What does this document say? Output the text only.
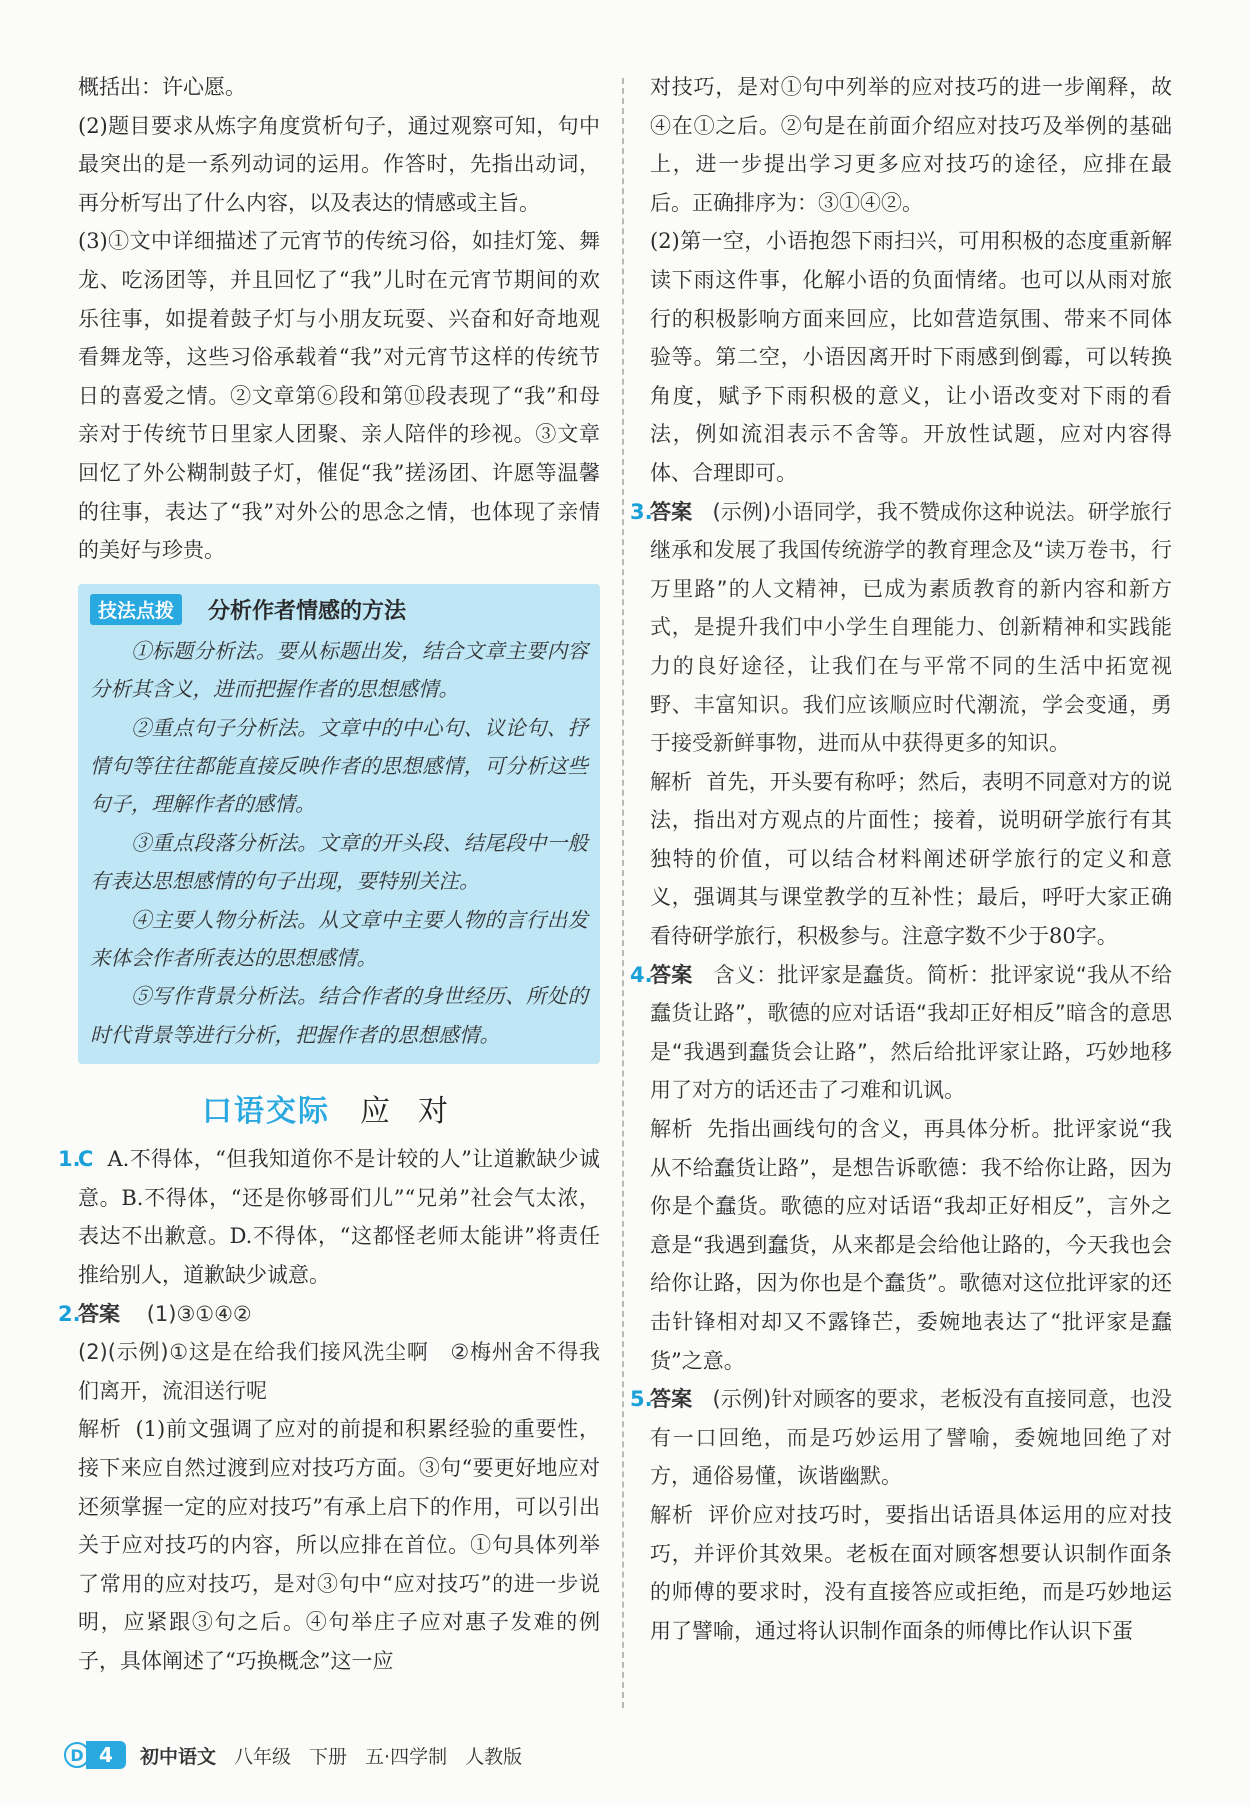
概括出：许心愿。

(2)题目要求从炼字角度赏析句子，通过观察可知，句中最突出的是一系列动词的运用。作答时，先指出动词，再分析写出了什么内容，以及表达的情感或主旨。

(3)①文中详细描述了元宵节的传统习俗，如挂灯笼、舞龙、吃汤团等，并且回忆了“我”儿时在元宵节期间的欢乐往事，如提着鼓子灯与小朋友玩耍、兴奋和好奇地观看舞龙等，这些习俗承载着“我”对元宵节这样的传统节日的喜爱之情。②文章第⑥段和第⑪段表现了“我”和母亲对于传统节日里家人团聚、亲人陪伴的珍视。③文章回忆了外公糊制鼓子灯，催促“我”搓汤团、许愿等温馨的往事，表达了“我”对外公的思念之情，也体现了亲情的美好与珍贵。

技法点拨	分析作者情感的方法

①标题分析法。要从标题出发，结合文章主要内容分析其含义，进而把握作者的思想感情。

②重点句子分析法。文章中的中心句、议论句、抒情句等往往都能直接反映作者的思想感情，可分析这些句子，理解作者的感情。

③重点段落分析法。文章的开头段、结尾段中一般有表达思想感情的句子出现，要特别关注。

④主要人物分析法。从文章中主要人物的言行出发来体会作者所表达的思想感情。

⑤写作背景分析法。结合作者的身世经历、所处的时代背景等进行分析，把握作者的思想感情。

口语交际 应对

1.
C A.不得体，“但我知道你不是计较的人”让道歉缺少诚意。B.不得体，“还是你够哥们儿”“兄弟”社会气太浓，表达不出歉意。D.不得体，“这都怪老师太能讲”将责任推给别人，道歉缺少诚意。

2.
答案 (1)③①④②

(2)(示例)①这是在给我们接风洗尘啊　②梅州舍不得我们离开，流泪送行呢

解析 (1)前文强调了应对的前提和积累经验的重要性，接下来应自然过渡到应对技巧方面。③句“要更好地应对还须掌握一定的应对技巧”有承上启下的作用，可以引出关于应对技巧的内容，所以应排在首位。①句具体列举了常用的应对技巧，是对③句中“应对技巧”的进一步说明，应紧跟③句之后。④句举庄子应对惠子发难的例子，具体阐述了“巧换概念”这一应

对技巧，是对①句中列举的应对技巧的进一步阐释，故④在①之后。②句是在前面介绍应对技巧及举例的基础上，进一步提出学习更多应对技巧的途径，应排在最后。正确排序为：③①④②。

(2)第一空，小语抱怨下雨扫兴，可用积极的态度重新解读下雨这件事，化解小语的负面情绪。也可以从雨对旅行的积极影响方面来回应，比如营造氛围、带来不同体验等。第二空，小语因离开时下雨感到倒霉，可以转换角度，赋予下雨积极的意义，让小语改变对下雨的看法，例如流泪表示不舍等。开放性试题，应对内容得体、合理即可。

3.
答案 (示例)小语同学，我不赞成你这种说法。研学旅行继承和发展了我国传统游学的教育理念及“读万卷书，行万里路”的人文精神，已成为素质教育的新内容和新方式，是提升我们中小学生自理能力、创新精神和实践能力的良好途径，让我们在与平常不同的生活中拓宽视野、丰富知识。我们应该顺应时代潮流，学会变通，勇于接受新鲜事物，进而从中获得更多的知识。

解析 首先，开头要有称呼；然后，表明不同意对方的说法，指出对方观点的片面性；接着，说明研学旅行有其独特的价值，可以结合材料阐述研学旅行的定义和意义，强调其与课堂教学的互补性；最后，呼吁大家正确看待研学旅行，积极参与。注意字数不少于80字。

4.
答案 含义：批评家是蠢货。简析：批评家说“我从不给蠢货让路”，歌德的应对话语“我却正好相反”暗含的意思是“我遇到蠢货会让路”，然后给批评家让路，巧妙地移用了对方的话还击了刁难和讥讽。

解析 先指出画线句的含义，再具体分析。批评家说“我从不给蠢货让路”，是想告诉歌德：我不给你让路，因为你是个蠢货。歌德的应对话语“我却正好相反”，言外之意是“我遇到蠢货，从来都是会给他让路的，今天我也会给你让路，因为你也是个蠢货”。歌德对这位批评家的还击针锋相对却又不露锋芒，委婉地表达了“批评家是蠢货”之意。

5.
答案 (示例)针对顾客的要求，老板没有直接同意，也没有一口回绝，而是巧妙运用了譬喻，委婉地回绝了对方，通俗易懂，诙谐幽默。

解析 评价应对技巧时，要指出话语具体运用的应对技巧，并评价其效果。老板在面对顾客想要认识制作面条的师傅的要求时，没有直接答应或拒绝，而是巧妙地运用了譬喻，通过将认识制作面条的师傅比作认识下蛋

D 4	初中语文 八年级 下册 五·四学制 人教版
